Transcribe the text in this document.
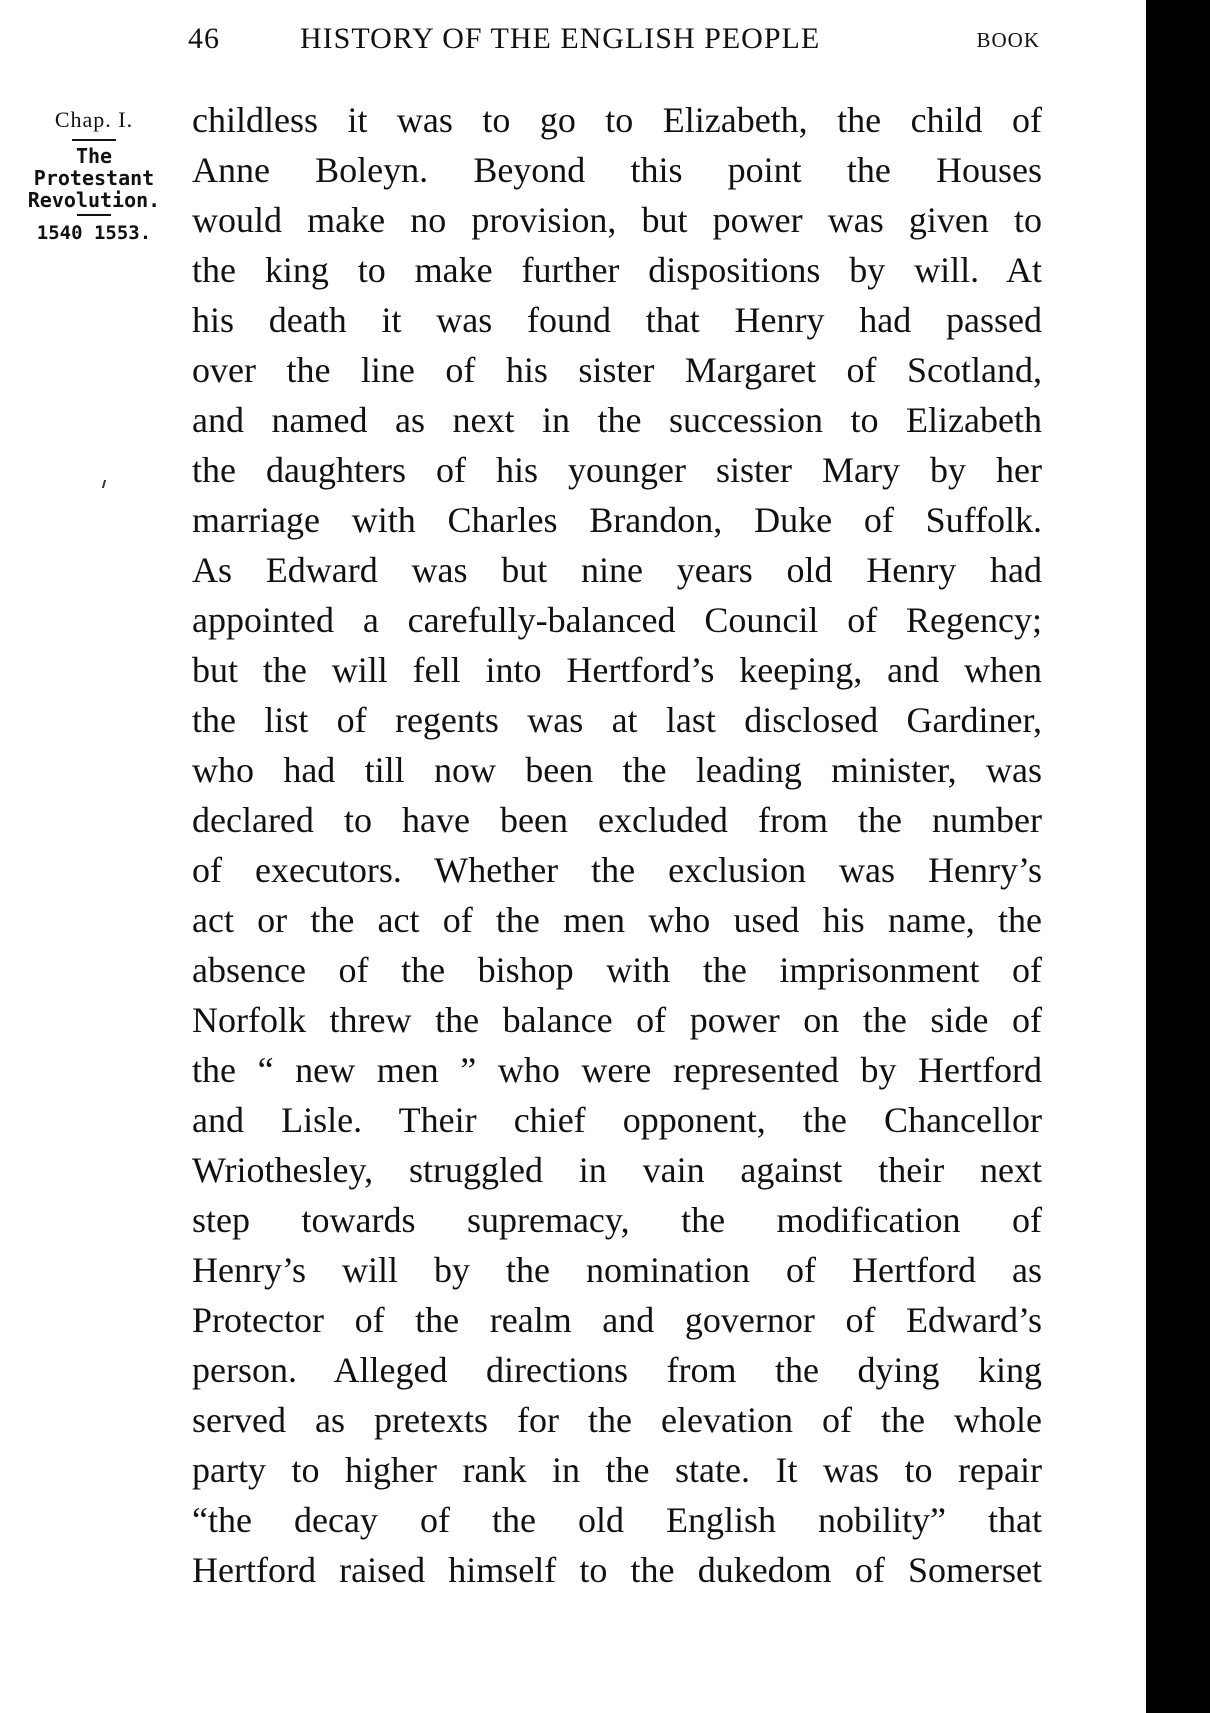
46	HISTORY OF THE ENGLISH PEOPLE	BOOK
Chap. I.
The
Protestant
Revolution.
1540 1553.
childless it was to go to Elizabeth, the child of
Anne Boleyn. Beyond this point the Houses
would make no provision, but power was given to
the king to make further dispositions by will. At
his death it was found that Henry had passed
over the line of his sister Margaret of Scotland,
and named as next in the succession to Elizabeth
the daughters of his younger sister Mary by her
marriage with Charles Brandon, Duke of Suffolk.
As Edward was but nine years old Henry had
appointed a carefully-balanced Council of Regency;
but the will fell into Hertford’s keeping, and when
the list of regents was at last disclosed Gardiner,
who had till now been the leading minister, was
declared to have been excluded from the number
of executors. Whether the exclusion was Henry’s
act or the act of the men who used his name, the
absence of the bishop with the imprisonment of
Norfolk threw the balance of power on the side of
the “ new men ” who were represented by Hertford
and Lisle. Their chief opponent, the Chancellor
Wriothesley, struggled in vain against their next
step towards supremacy, the modification of
Henry’s will by the nomination of Hertford as
Protector of the realm and governor of Edward’s
person. Alleged directions from the dying king
served as pretexts for the elevation of the whole
party to higher rank in the state. It was to repair
“the decay of the old English nobility” that
Hertford raised himself to the dukedom of Somerset
